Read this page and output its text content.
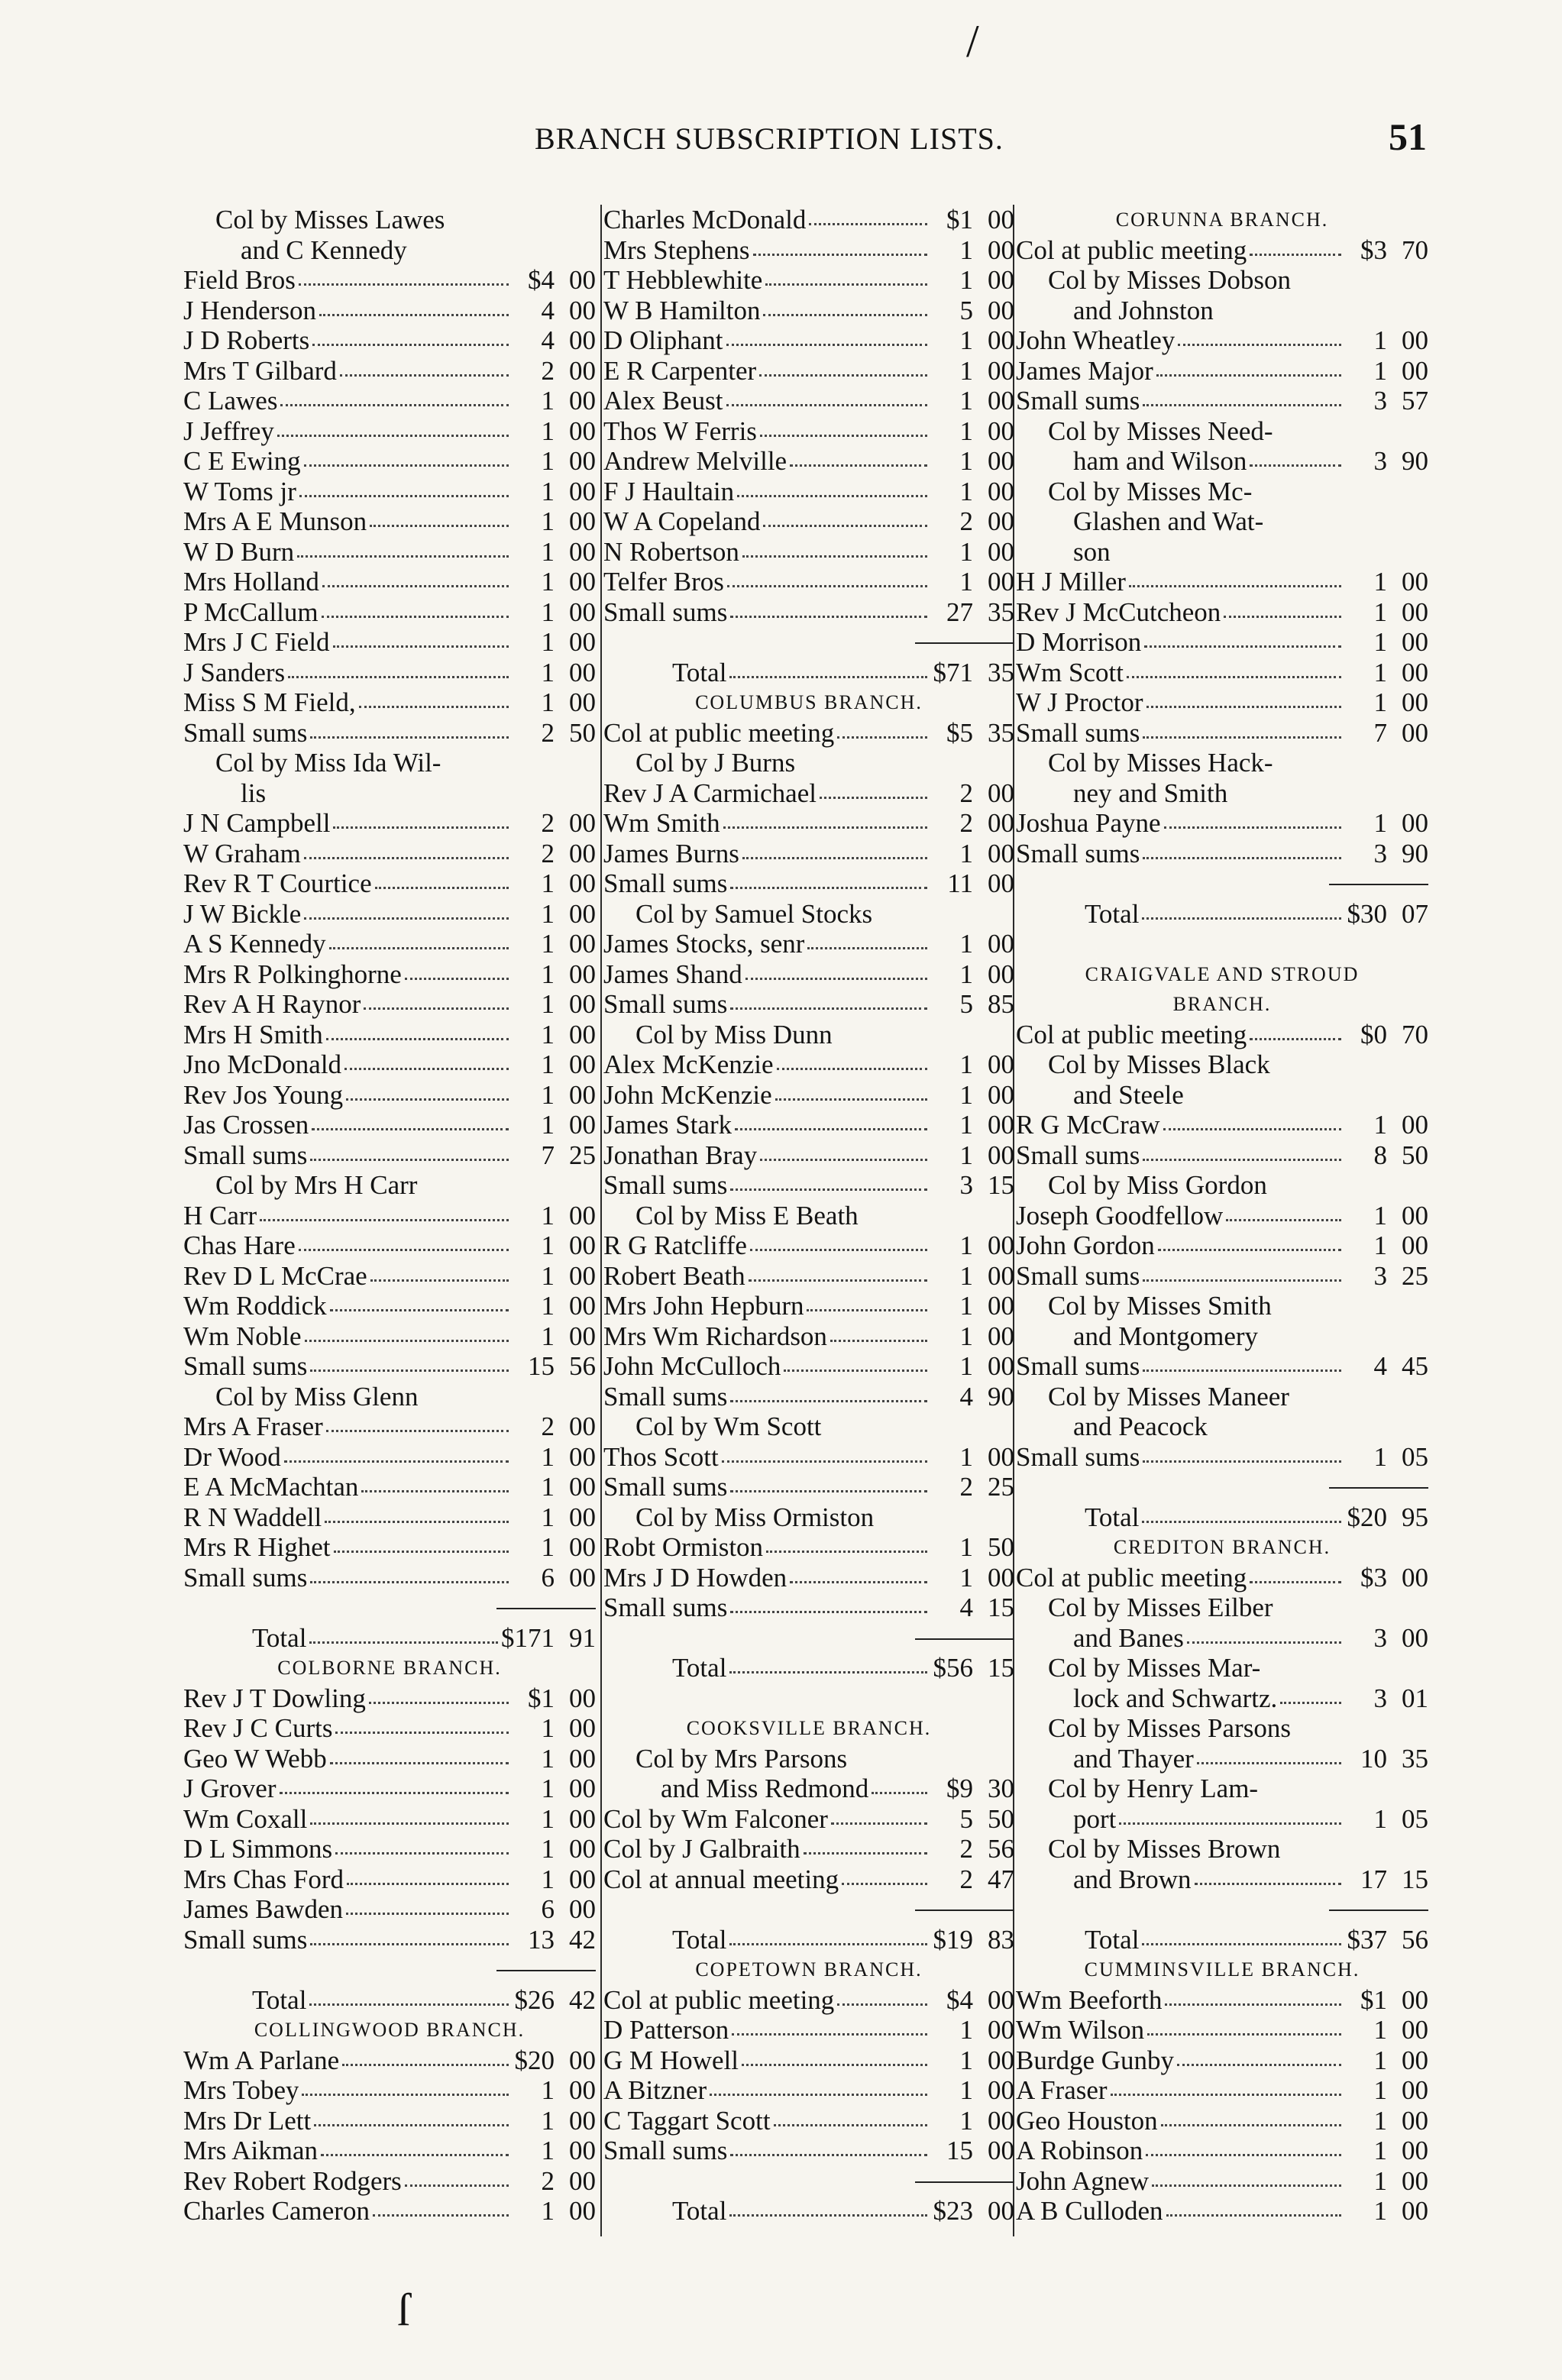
BRANCH SUBSCRIPTION LISTS.	51
Col by Misses Lawes
and C Kennedy
Field Bros	$4 00
J Henderson	4 00
J D Roberts	4 00
Mrs T Gilbard	2 00
C Lawes	1 00
J Jeffrey	1 00
C E Ewing	1 00
W Toms jr	1 00
Mrs A E Munson	1 00
W D Burn	1 00
Mrs Holland	1 00
P McCallum	1 00
Mrs J C Field	1 00
J Sanders	1 00
Miss S M Field,	1 00
Small sums	2 50
Col by Miss Ida Wil-
lis
J N Campbell	2 00
W Graham	2 00
Rev R T Courtice	1 00
J W Bickle	1 00
A S Kennedy	1 00
Mrs R Polkinghorne	1 00
Rev A H Raynor	1 00
Mrs H Smith	1 00
Jno McDonald	1 00
Rev Jos Young	1 00
Jas Crossen	1 00
Small sums	7 25
Col by Mrs H Carr
H Carr	1 00
Chas Hare	1 00
Rev D L McCrae	1 00
Wm Roddick	1 00
Wm Noble	1 00
Small sums	15 56
Col by Miss Glenn
Mrs A Fraser	2 00
Dr Wood	1 00
E A McMachtan	1 00
R N Waddell	1 00
Mrs R Highet	1 00
Small sums	6 00
Total	$171 91
COLBORNE BRANCH.
Rev J T Dowling	$1 00
Rev J C Curts	1 00
Geo W Webb	1 00
J Grover	1 00
Wm Coxall	1 00
D L Simmons	1 00
Mrs Chas Ford	1 00
James Bawden	6 00
Small sums	13 42
Total	$26 42
COLLINGWOOD BRANCH.
Wm A Parlane	$20 00
Mrs Tobey	1 00
Mrs Dr Lett	1 00
Mrs Aikman	1 00
Rev Robert Rodgers	2 00
Charles Cameron	1 00
Charles McDonald	$1 00
Mrs Stephens	1 00
T Hebblewhite	1 00
W B Hamilton	5 00
D Oliphant	1 00
E R Carpenter	1 00
Alex Beust	1 00
Thos W Ferris	1 00
Andrew Melville	1 00
F J Haultain	1 00
W A Copeland	2 00
N Robertson	1 00
Telfer Bros	1 00
Small sums	27 35
Total	$71 35
COLUMBUS BRANCH.
Col at public meeting	$5 35
Col by J Burns
Rev J A Carmichael	2 00
Wm Smith	2 00
James Burns	1 00
Small sums	11 00
Col by Samuel Stocks
James Stocks, senr	1 00
James Shand	1 00
Small sums	5 85
Col by Miss Dunn
Alex McKenzie	1 00
John McKenzie	1 00
James Stark	1 00
Jonathan Bray	1 00
Small sums	3 15
Col by Miss E Beath
R G Ratcliffe	1 00
Robert Beath	1 00
Mrs John Hepburn	1 00
Mrs Wm Richardson	1 00
John McCulloch	1 00
Small sums	4 90
Col by Wm Scott
Thos Scott	1 00
Small sums	2 25
Col by Miss Ormiston
Robt Ormiston	1 50
Mrs J D Howden	1 00
Small sums	4 15
Total	$56 15
COOKSVILLE BRANCH.
Col by Mrs Parsons
and Miss Redmond	$9 30
Col by Wm Falconer	5 50
Col by J Galbraith	2 56
Col at annual meeting	2 47
Total	$19 83
COPETOWN BRANCH.
Col at public meeting	$4 00
D Patterson	1 00
G M Howell	1 00
A Bitzner	1 00
C Taggart Scott	1 00
Small sums	15 00
Total	$23 00
CORUNNA BRANCH.
Col at public meeting	$3 70
Col by Misses Dobson
and Johnston
John Wheatley	1 00
James Major	1 00
Small sums	3 57
Col by Misses Need-
ham and Wilson	3 90
Col by Misses Mc-
Glashen and Wat-
son
H J Miller	1 00
Rev J McCutcheon	1 00
D Morrison	1 00
Wm Scott	1 00
W J Proctor	1 00
Small sums	7 00
Col by Misses Hack-
ney and Smith
Joshua Payne	1 00
Small sums	3 90
Total	$30 07
CRAIGVALE AND STROUD
BRANCH.
Col at public meeting	$0 70
Col by Misses Black
and Steele
R G McCraw	1 00
Small sums	8 50
Col by Miss Gordon
Joseph Goodfellow	1 00
John Gordon	1 00
Small sums	3 25
Col by Misses Smith
and Montgomery
Small sums	4 45
Col by Misses Maneer
and Peacock
Small sums	1 05
Total	$20 95
CREDITON BRANCH.
Col at public meeting	$3 00
Col by Misses Eilber
and Banes	3 00
Col by Misses Mar-
lock and Schwartz.	3 01
Col by Misses Parsons
and Thayer	10 35
Col by Henry Lam-
port	1 05
Col by Misses Brown
and Brown	17 15
Total	$37 56
CUMMINSVILLE BRANCH.
Wm Beeforth	$1 00
Wm Wilson	1 00
Burdge Gunby	1 00
A Fraser	1 00
Geo Houston	1 00
A Robinson	1 00
John Agnew	1 00
A B Culloden	1 00
/
ſ
